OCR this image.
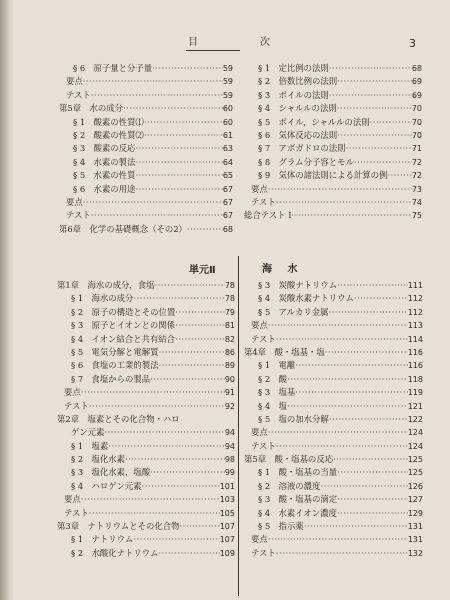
目　次	3
§ 6　原子量と分子量 ·····	59
要点 ·····	59
テスト ·····	59
第5章　水の成分 ·····	60
§ 1　酸素の性質⑴ ·····	60
§ 2　酸素の性質⑵ ·····	61
§ 3　酸素の反応 ·····	63
§ 4　水素の製法 ·····	64
§ 5　水素の性質 ·····	65
§ 6　水素の用途 ·····	67
要点 ·····	67
テスト ·····	67
第6章　化学の基礎概念（その2） ·····	68
§ 1　定比例の法則 ·····	68
§ 2　倍数比例の法則 ·····	69
§ 3　ボイルの法則 ·····	69
§ 4　シャルルの法則 ·····	70
§ 5　ボイル，シャルルの法則 ·····	70
§ 6　気体反応の法則 ·····	70
§ 7　アボガドロの法則 ·····	71
§ 8　グラム分子容とモル ·····	72
§ 9　気体の諸法則による計算の例 ·····	72
要点 ·····	73
テスト ·····	74
総合テスト Ⅰ ·····	75
単元Ⅱ	海 水
第1章　海水の成分，食塩 ·····	78
§ 1　海水の成分 ·····	78
§ 2　原子の構造とその位置 ·····	79
§ 3　原子とイオンとの関係 ·····	81
§ 4　イオン結合と共有結合 ·····	82
§ 5　電気分解と電解質 ·····	86
§ 6　食塩の工業的製法 ·····	89
§ 7　食塩からの製品 ·····	90
要点 ·····	91
テスト ·····	92
第2章　塩素とその化合物・ハロ
ゲン元素 ·····	94
§ 1　塩素 ·····	94
§ 2　塩化水素 ·····	98
§ 3　塩化水素，塩酸 ·····	99
§ 4　ハロゲン元素 ·····	101
要点 ·····	103
テスト ·····	105
第3章　ナトリウムとその化合物 ·····	107
§ 1　ナトリウム ·····	107
§ 2　水酸化ナトリウム ·····	109
§ 3　炭酸ナトリウム ·····	111
§ 4　炭酸水素ナトリウム ·····	112
§ 5　アルカリ金属 ·····	112
要点 ·····	113
テスト ·····	114
第4章　酸・塩基・塩 ·····	116
§ 1　電離 ·····	116
§ 2　酸 ·····	118
§ 3　塩基 ·····	119
§ 4　塩 ·····	121
§ 5　塩の加水分解 ·····	122
要点 ·····	124
テスト ·····	124
第5章　酸・塩基の反応 ·····	125
§ 1　酸・塩基の当量 ·····	125
§ 2　溶液の濃度 ·····	126
§ 3　酸・塩基の滴定 ·····	127
§ 4　水素イオン濃度 ·····	129
§ 5　指示薬 ·····	131
要点 ·····	131
テスト ·····	132
